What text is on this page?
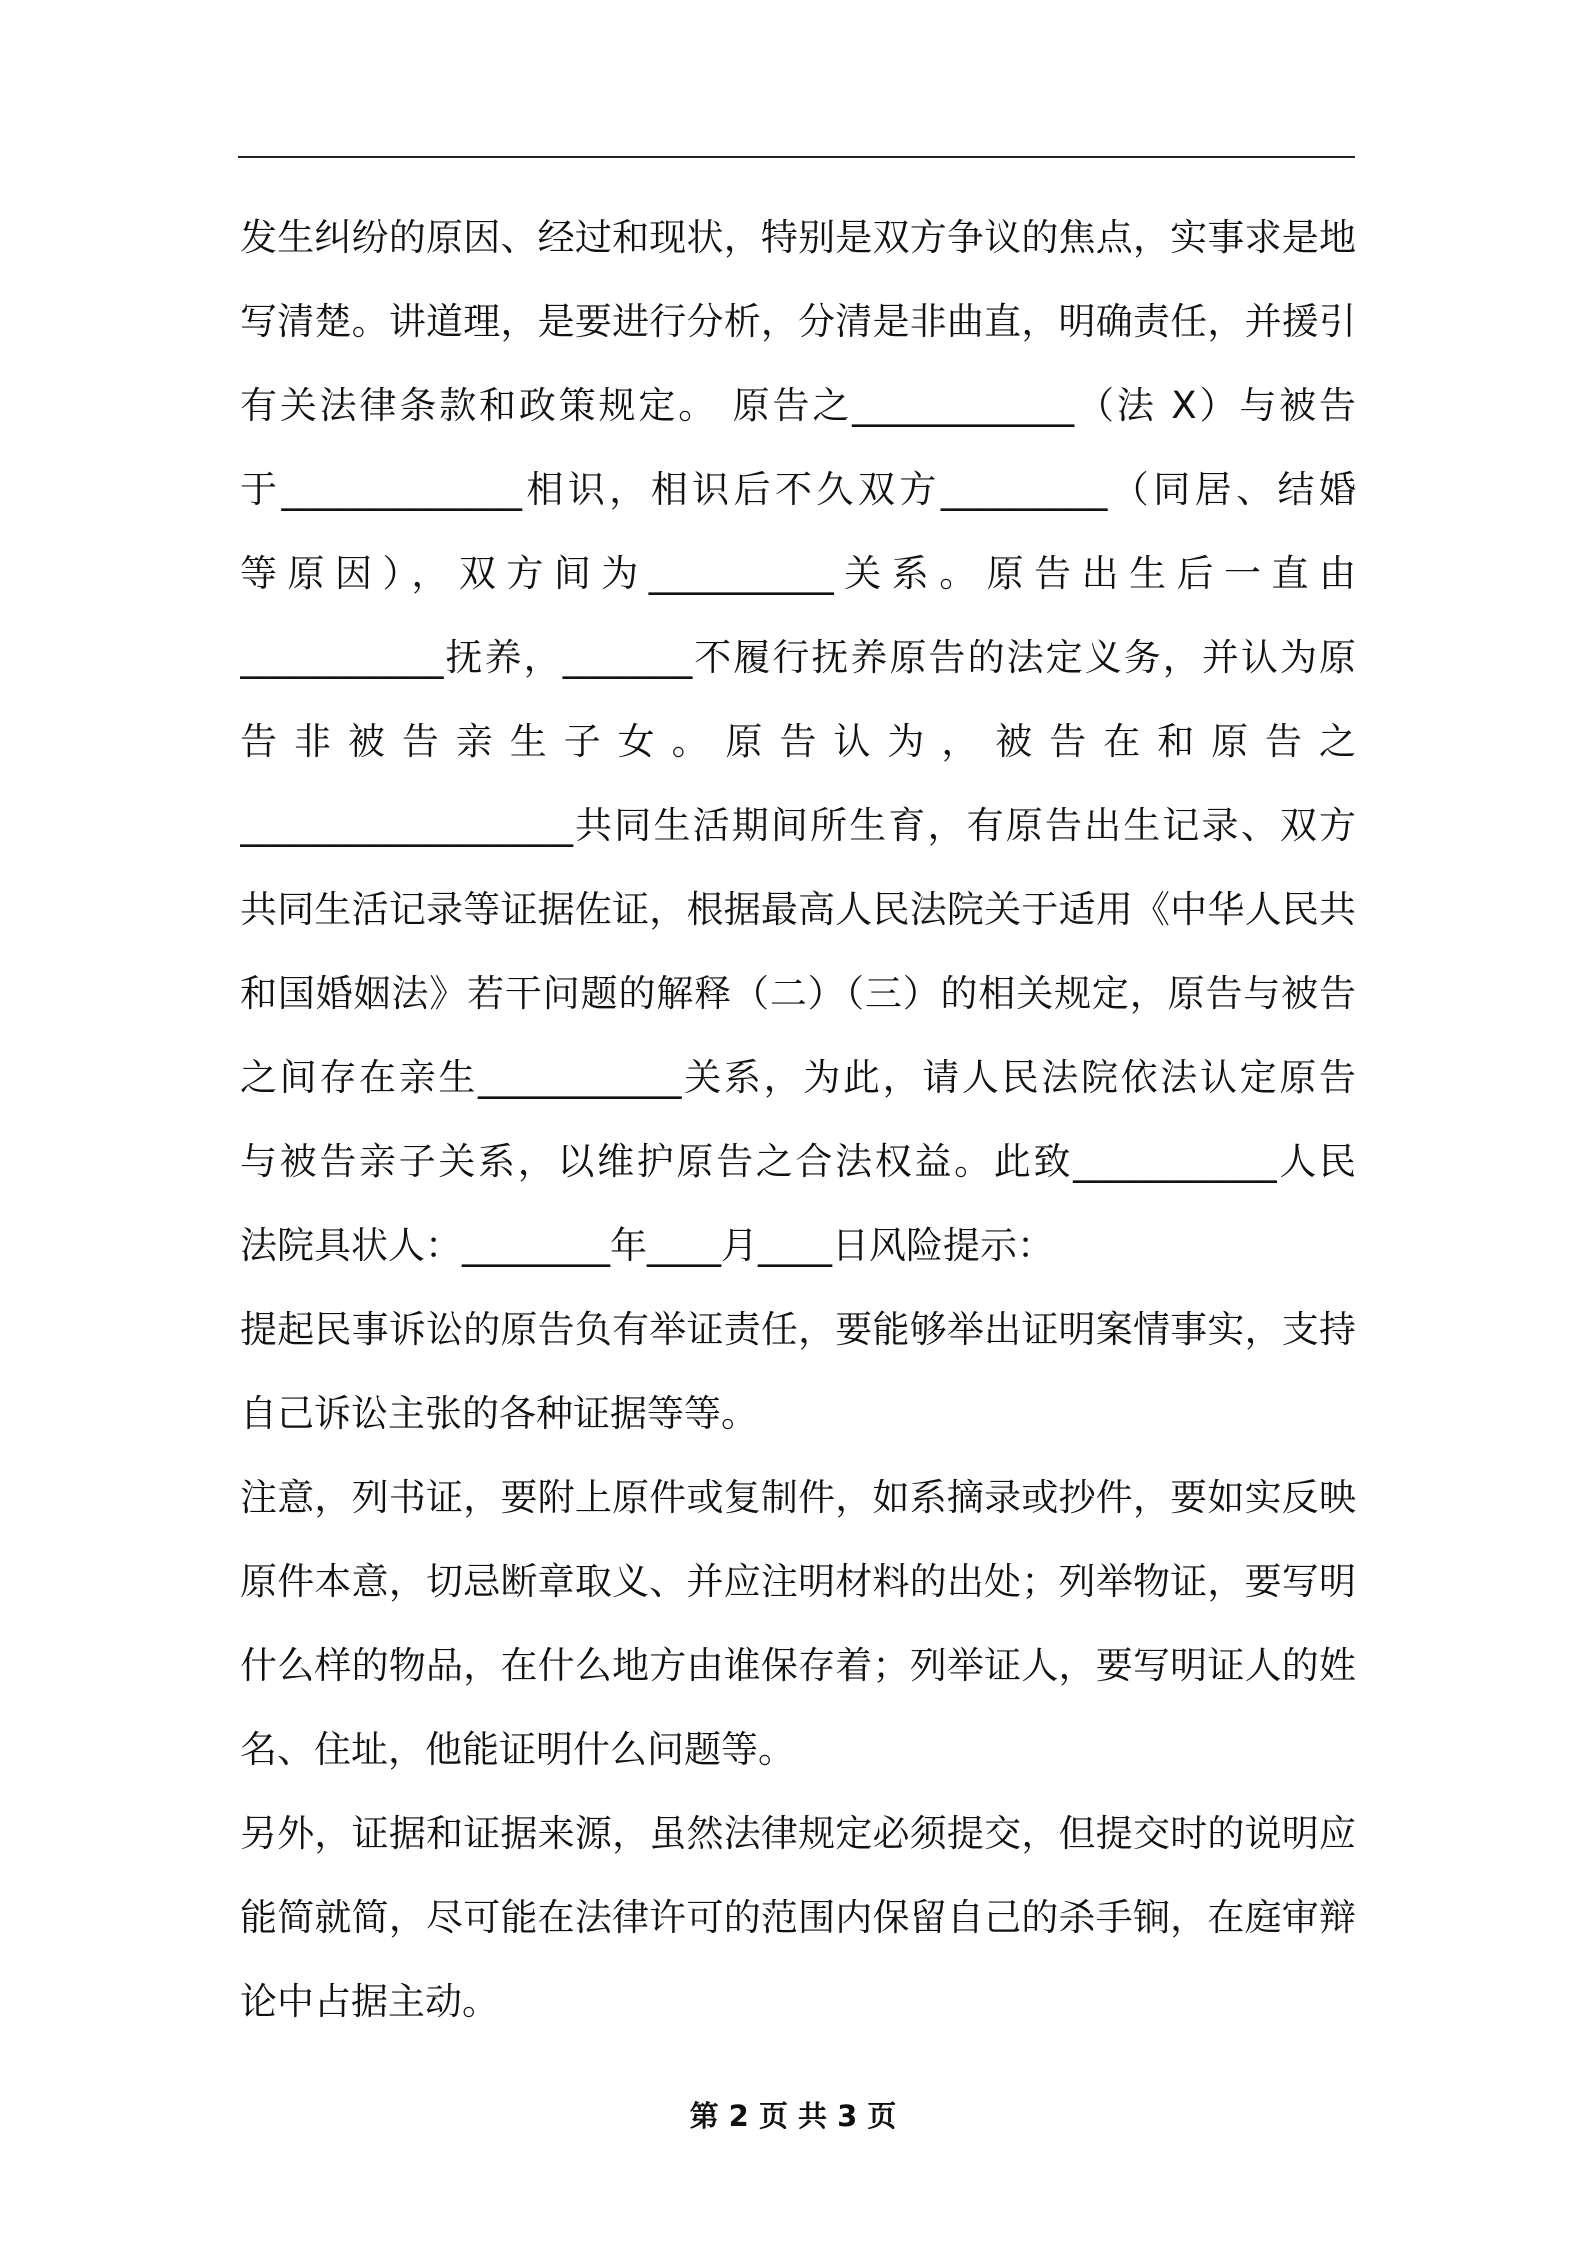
发生纠纷的原因、经过和现状，特别是双方争议的焦点，实事求是地
写清楚。讲道理，是要进行分析，分清是非曲直，明确责任，并援引
有关法律条款和政策规定。 原告之____________（法 X）与被告
于_____________相识，相识后不久双方_________（同居、结婚
等原因），双方间为__________关系。原告出生后一直由
___________抚养，_______不履行抚养原告的法定义务，并认为原
告非被告亲生子女。原告认为，被告在和原告之
__________________共同生活期间所生育，有原告出生记录、双方
共同生活记录等证据佐证，根据最高人民法院关于适用《中华人民共
和国婚姻法》若干问题的解释（二）（三）的相关规定，原告与被告
之间存在亲生___________关系，为此，请人民法院依法认定原告
与被告亲子关系，以维护原告之合法权益。此致___________人民
法院具状人：________年____月____日风险提示：
提起民事诉讼的原告负有举证责任，要能够举出证明案情事实，支持
自己诉讼主张的各种证据等等。
注意，列书证，要附上原件或复制件，如系摘录或抄件，要如实反映
原件本意，切忌断章取义、并应注明材料的出处；列举物证，要写明
什么样的物品，在什么地方由谁保存着；列举证人，要写明证人的姓
名、住址，他能证明什么问题等。
另外，证据和证据来源，虽然法律规定必须提交，但提交时的说明应
能简就简，尽可能在法律许可的范围内保留自己的杀手锏，在庭审辩
论中占据主动。
第 2 页 共 3 页
